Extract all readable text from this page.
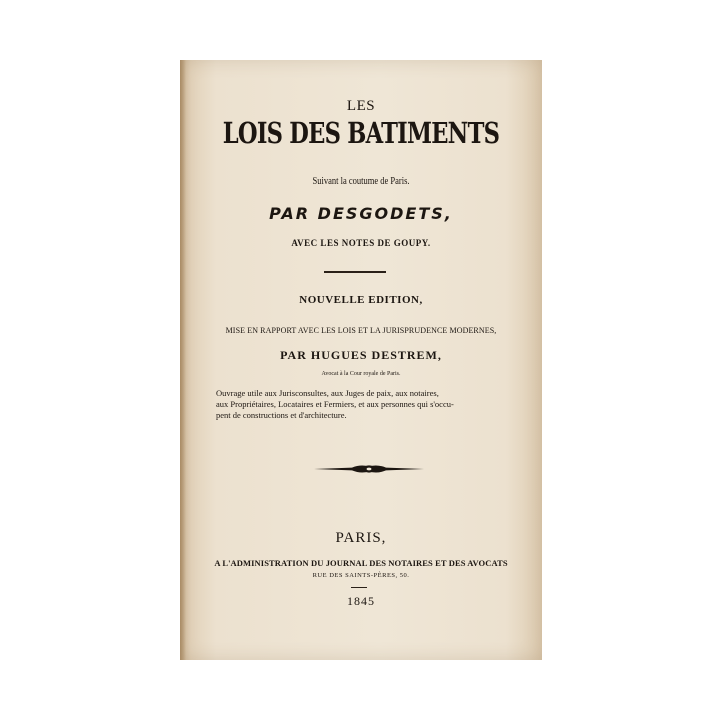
LES
LOIS DES BATIMENTS
Suivant la coutume de Paris.
PAR DESGODETS,
AVEC LES NOTES DE GOUPY.
NOUVELLE EDITION,
MISE EN RAPPORT AVEC LES LOIS ET LA JURISPRUDENCE MODERNES,
PAR HUGUES DESTREM,
Avocat à la Cour royale de Paris.
Ouvrage utile aux Jurisconsultes, aux Juges de paix, aux notaires,
aux Propriétaires, Locataires et Fermiers, et aux personnes qui s'occu-
pent de constructions et d'architecture.
PARIS,
A L'ADMINISTRATION DU JOURNAL DES NOTAIRES ET DES AVOCATS
RUE DES SAINTS-PÈRES, 50.
1845
